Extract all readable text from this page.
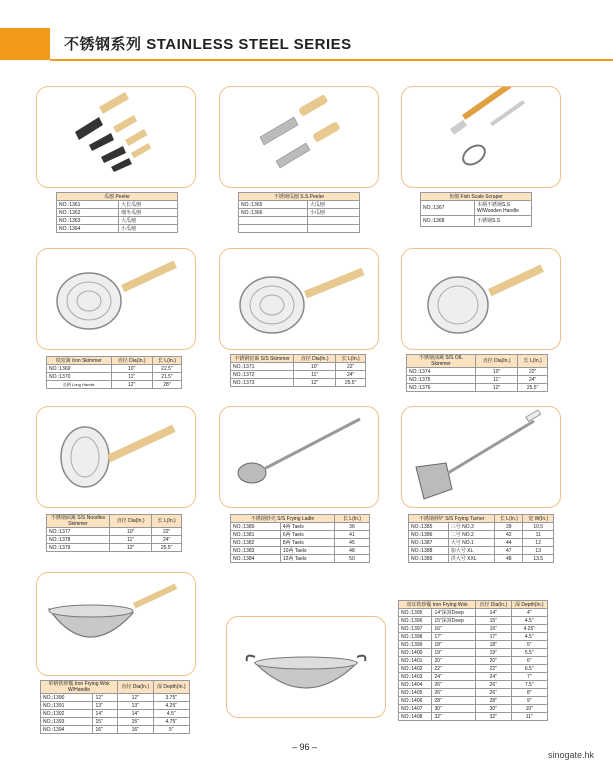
不锈钢系列 STAINLESS STEEL SERIES
瓜刨 Peeler	
NO.:1361	大长瓜刨
NO.:1362	细冬瓜刨
NO.:1363	大瓜刨
NO.:1364	小瓜刨
不锈钢瓜刨 S.S.Peeler	
NO.:1365	大瓜刨
NO.:1366	小瓜刨

鱼刨 Fish Scale Scraper	
NO.:1367	木柄不锈钢S.S W/Wooden Handle
NO.:1368	不锈钢S.S
铁密篱 Iron Skimmer	直径 Dia(In.)	长 L(In.)
NO.:1369	10"	22.5"
NO.:1370	11"	21.5"
长柄 Long Handle	12"	28"
不锈钢密篱 S/S Skimmer	直径 Dia(In.)	长 L(In.)
NO.:1371	10"	22"
NO.:1372	11"	24"
NO.:1373	12"	25.5"
不锈钢油篱 S/S OIL Skimmer	直径 Dia(In.)	长 L(In.)
NO.:1374	10"	22"
NO.:1375	11"	24"
NO.:1376	12"	25.5"
不锈钢面篱 S/S Noodles Skimmer	直径 Dia(In.)	长 L(In.)
NO.:1377	10"	22"
NO.:1378	11"	24"
NO.:1379	12"	25.5"
不锈钢炒壳 S/S Frying Ladle		长 L(In.)
NO.:1380	4两 Taels	36
NO.:1381	6两 Taels	41
NO.:1382	8两 Taels	45
NO.:1383	10两 Taels	48
NO.:1384	12两 Taels	50
不锈钢炒铲 S/S Frying Turner		长 L(In.)	宽 W(In.)
NO.:1385	三号 NO.3	39	10.5
NO.:1386	二号 NO.2	42	11
NO.:1387	大号 NO.1	44	12
NO.:1388	加大号 XL	47	13
NO.:1389	洪大号 XXL	48	13.5
单柄铁炒镬 Iron Frying Wok W/Handle		直径 Dia(In.)	深 Depth(In.)
NO.:1390	12"	12"	3.75"
NO.:1391	13"	13"	4.25"
NO.:1392	14"	14"	4.5"
NO.:1393	15"	15"	4.75"
NO.:1394	16"	16"	5"
双耳铁炒镬 Iron Frying Wok		直径 Dia(In.)	深 Depth(In.)
NO.:1395	14"深窝Deep	14"	4"
NO.:1396	15"深窝Deep	15"	4.5"
NO.:1397	16"	16"	4.25"
NO.:1398	17"	17"	4.5"
NO.:1399	18"	18"	5"
NO.:1400	19"	19"	5.5"
NO.:1401	20"	20"	6"
NO.:1402	22"	22"	6.5"
NO.:1403	24"	24"	7"
NO.:1404	26"	26"	7.5"
NO.:1405	26"	26"	8"
NO.:1406	28"	28"	9"
NO.:1407	30"	30"	10"
NO.:1408	32"	32"	11"
– 96 –
sinogate.hk
